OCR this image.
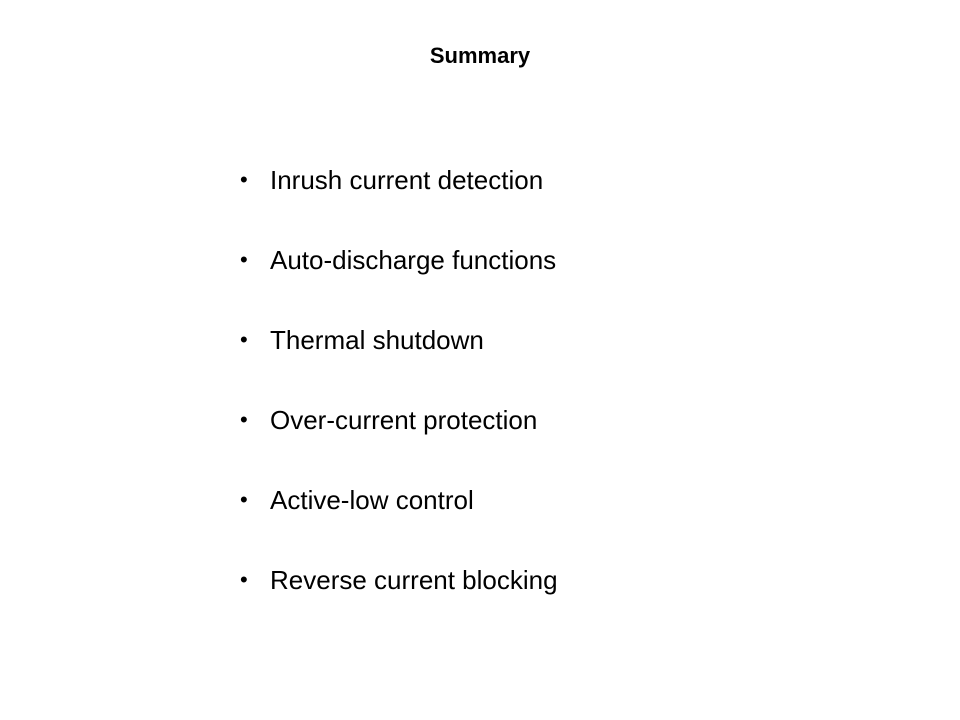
Summary
• Inrush current detection
• Auto-discharge functions
• Thermal shutdown
• Over-current protection
• Active-low control
• Reverse current blocking
